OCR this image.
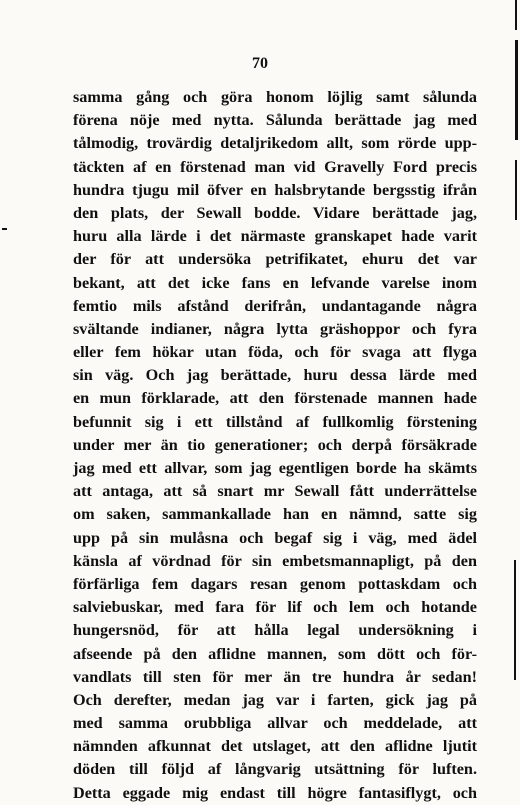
70
samma gång och göra honom löjlig samt sålunda
förena nöje med nytta. Sålunda berättade jag med
tålmodig, trovärdig detaljrikedom allt, som rörde upp-
täckten af en förstenad man vid Gravelly Ford precis
hundra tjugu mil öfver en halsbrytande bergsstig ifrån
den plats, der Sewall bodde. Vidare berättade jag,
huru alla lärde i det närmaste granskapet hade varit
der för att undersöka petrifikatet, ehuru det var
bekant, att det icke fans en lefvande varelse inom
femtio mils afstånd derifrån, undantagande några
svältande indianer, några lytta gräshoppor och fyra
eller fem hökar utan föda, och för svaga att flyga
sin väg. Och jag berättade, huru dessa lärde med
en mun förklarade, att den förstenade mannen hade
befunnit sig i ett tillstånd af fullkomlig förstening
under mer än tio generationer; och derpå försäkrade
jag med ett allvar, som jag egentligen borde ha skämts
att antaga, att så snart mr Sewall fått underrättelse
om saken, sammankallade han en nämnd, satte sig
upp på sin mulåsna och begaf sig i väg, med ädel
känsla af vördnad för sin embetsmannapligt, på den
förfärliga fem dagars resan genom pottaskdam och
salviebuskar, med fara för lif och lem och hotande
hungersnöd, för att hålla legal undersökning i
afseende på den aflidne mannen, som dött och för-
vandlats till sten för mer än tre hundra år sedan!
Och derefter, medan jag var i farten, gick jag på
med samma orubbliga allvar och meddelade, att
nämnden afkunnat det utslaget, att den aflidne ljutit
döden till följd af långvarig utsättning för luften.
Detta eggade mig endast till högre fantasiflygt, och
